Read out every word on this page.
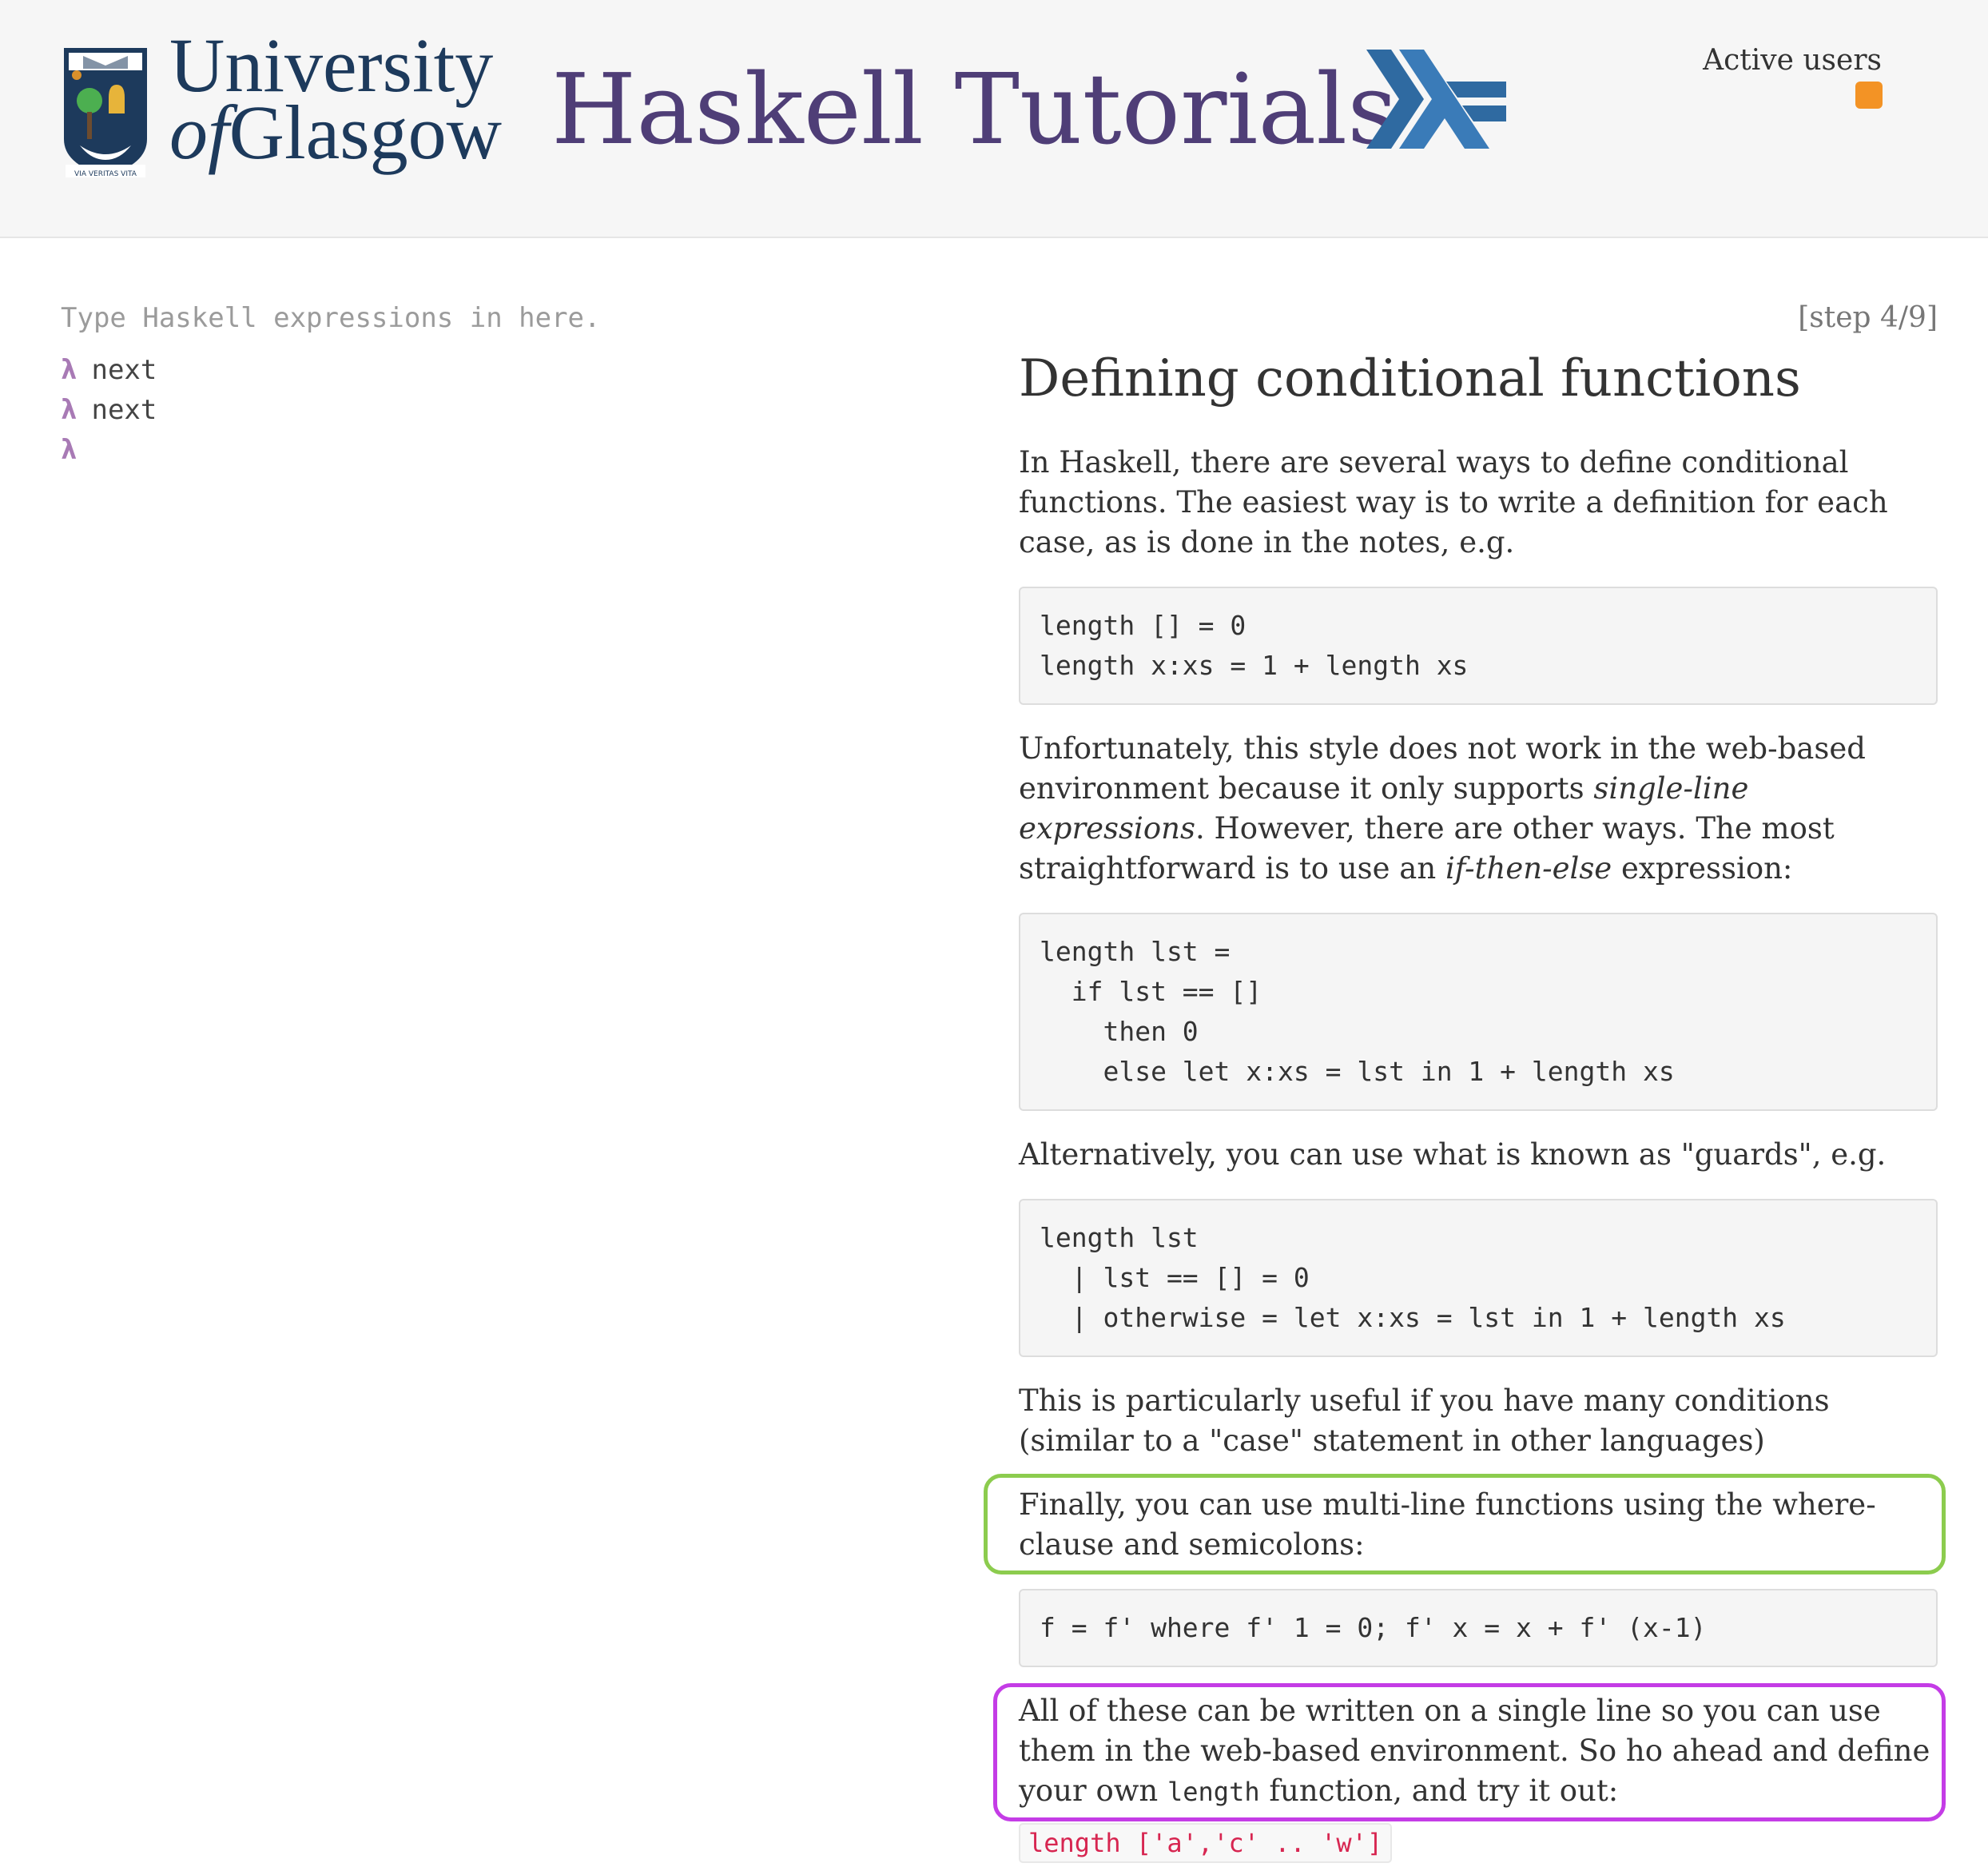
VIA VERITAS VITA
University
ofGlasgow Haskell Tutorials	Active users
Type Haskell expressions in here.
λ next
λ next
λ
[step 4/9]
Defining conditional functions

In Haskell, there are several ways to define conditional functions. The easiest way is to write a definition for each case, as is done in the notes, e.g.

length [] = 0
length x:xs = 1 + length xs

Unfortunately, this style does not work in the web-based environment because it only supports single-line expressions. However, there are other ways. The most straightforward is to use an if-then-else expression:

length lst =
if lst == []
then 0
else let x:xs = lst in 1 + length xs

Alternatively, you can use what is known as "guards", e.g.

length lst
| lst == [] = 0
| otherwise = let x:xs = lst in 1 + length xs

This is particularly useful if you have many conditions (similar to a "case" statement in other languages)

Finally, you can use multi-line functions using the where-clause and semicolons:

f = f' where f' 1 = 0; f' x = x + f' (x-1)

All of these can be written on a single line so you can use them in the web-based environment. So ho ahead and define your own length function, and try it out:

length ['a','c' .. 'w']
